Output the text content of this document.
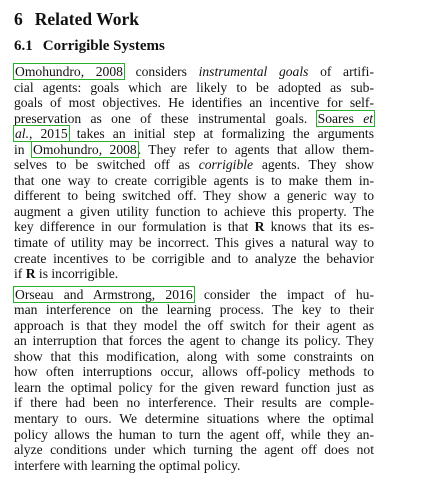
6 Related Work
6.1 Corrigible Systems
Omohundro, 2008 considers instrumental goals of artifi-
cial agents: goals which are likely to be adopted as sub-
goals of most objectives. He identifies an incentive for self-
preservation as one of these instrumental goals. Soares et
al., 2015 takes an initial step at formalizing the arguments
in Omohundro, 2008. They refer to agents that allow them-
selves to be switched off as corrigible agents. They show
that one way to create corrigible agents is to make them in-
different to being switched off. They show a generic way to
augment a given utility function to achieve this property. The
key difference in our formulation is that R knows that its es-
timate of utility may be incorrect. This gives a natural way to
create incentives to be corrigible and to analyze the behavior
if R is incorrigible.
Orseau and Armstrong, 2016 consider the impact of hu-
man interference on the learning process. The key to their
approach is that they model the off switch for their agent as
an interruption that forces the agent to change its policy. They
show that this modification, along with some constraints on
how often interruptions occur, allows off-policy methods to
learn the optimal policy for the given reward function just as
if there had been no interference. Their results are comple-
mentary to ours. We determine situations where the optimal
policy allows the human to turn the agent off, while they an-
alyze conditions under which turning the agent off does not
interfere with learning the optimal policy.
